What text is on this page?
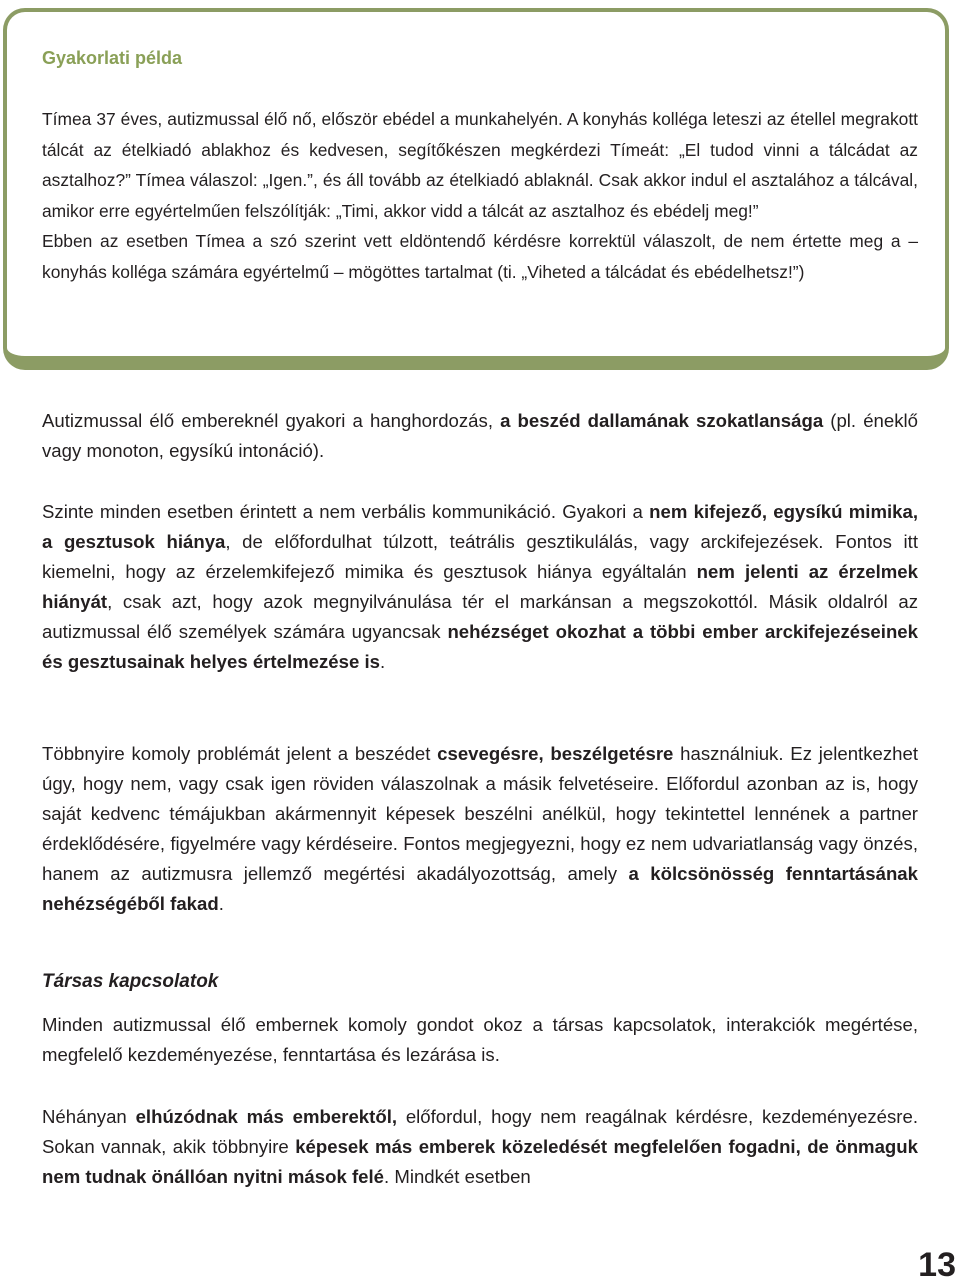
Gyakorlati példa

Tímea 37 éves, autizmussal élő nő, először ebédel a munkahelyén. A konyhás kolléga leteszi az étellel megrakott tálcát az ételkiadó ablakhoz és kedvesen, segítőkészen megkérdezi Tímeát: „El tudod vinni a tálcádat az asztalhoz?” Tímea válaszol: „Igen.”, és áll tovább az ételkiadó ablaknál. Csak akkor indul el asztalához a tálcával, amikor erre egyértelműen felszólítják: „Timi, akkor vidd a tálcát az asztalhoz és ebédelj meg!”

Ebben az esetben Tímea a szó szerint vett eldöntendő kérdésre korrektül válaszolt, de nem értette meg a – konyhás kolléga számára egyértelmű – mögöttes tartalmat (ti. „Viheted a tálcádat és ebédelhetsz!”)

Autizmussal élő embereknél gyakori a hanghordozás, a beszéd dallamának szokatlansága (pl. éneklő vagy monoton, egysíkú intonáció).

Szinte minden esetben érintett a nem verbális kommunikáció. Gyakori a nem kifejező, egysíkú mimika, a gesztusok hiánya, de előfordulhat túlzott, teátrális gesztikulálás, vagy arckifejezések. Fontos itt kiemelni, hogy az érzelemkifejező mimika és gesztusok hiánya egyáltalán nem jelenti az érzelmek hiányát, csak azt, hogy azok megnyilvánulása tér el markánsan a megszokottól. Másik oldalról az autizmussal élő személyek számára ugyancsak nehézséget okozhat a többi ember arckifejezéseinek és gesztusainak helyes értelmezése is.

Többnyire komoly problémát jelent a beszédet csevegésre, beszélgetésre használniuk. Ez jelentkezhet úgy, hogy nem, vagy csak igen röviden válaszolnak a másik felvetéseire. Előfordul azonban az is, hogy saját kedvenc témájukban akármennyit képesek beszélni anélkül, hogy tekintettel lennének a partner érdeklődésére, figyelmére vagy kérdéseire. Fontos megjegyezni, hogy ez nem udvariatlanság vagy önzés, hanem az autizmusra jellemző megértési akadályozottság, amely a kölcsönösség fenntartásának nehézségéből fakad.

Társas kapcsolatok

Minden autizmussal élő embernek komoly gondot okoz a társas kapcsolatok, interakciók megértése, megfelelő kezdeményezése, fenntartása és lezárása is.

Néhányan elhúzódnak más emberektől, előfordul, hogy nem reagálnak kérdésre, kezdeményezésre. Sokan vannak, akik többnyire képesek más emberek közeledését megfelelően fogadni, de önmaguk nem tudnak önállóan nyitni mások felé. Mindkét esetben

13
